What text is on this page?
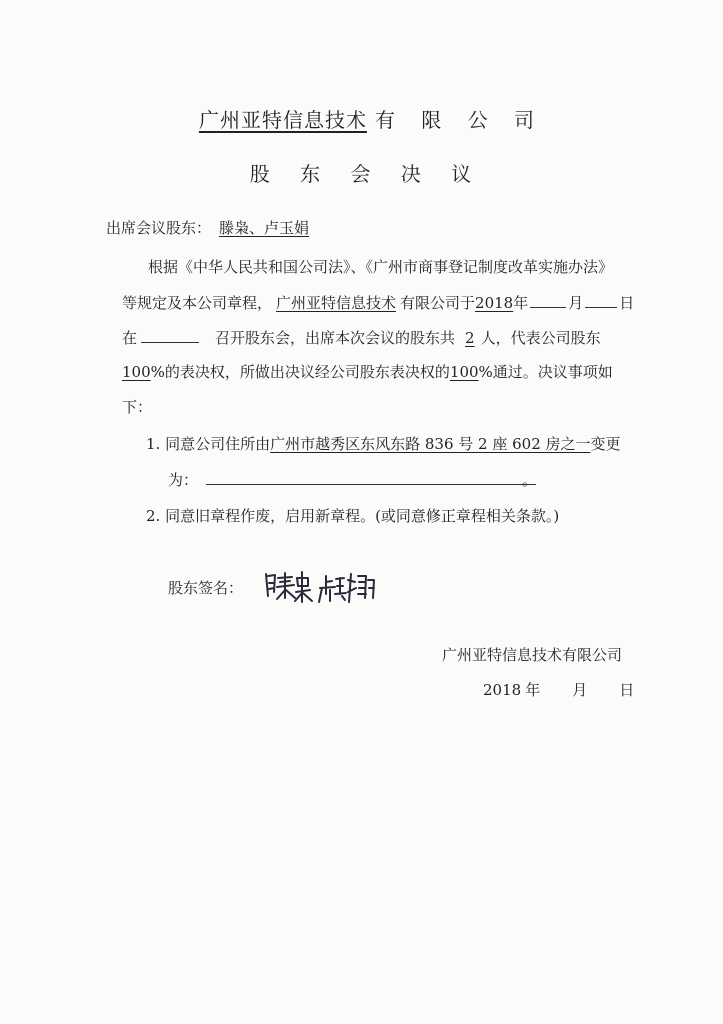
广州亚特信息技术 有 限 公 司
股 东 会 决 议
出席会议股东： 滕枭、卢玉娟
根据《中华人民共和国公司法》、《广州市商事登记制度改革实施办法》
等规定及本公司章程， 广州亚特信息技术 有限公司于2018年	月 日
在	召开股东会，出席本次会议的股东共 2 人，代表公司股东
100%的表决权，所做出决议经公司股东表决权的100%通过。决议事项如
下：
1. 同意公司住所由广州市越秀区东风东路 836 号 2 座 602 房之一变更
为：	。
2. 同意旧章程作废，启用新章程。(或同意修正章程相关条款。)
股东签名：
广州亚特信息技术有限公司
2018 年 月 日
